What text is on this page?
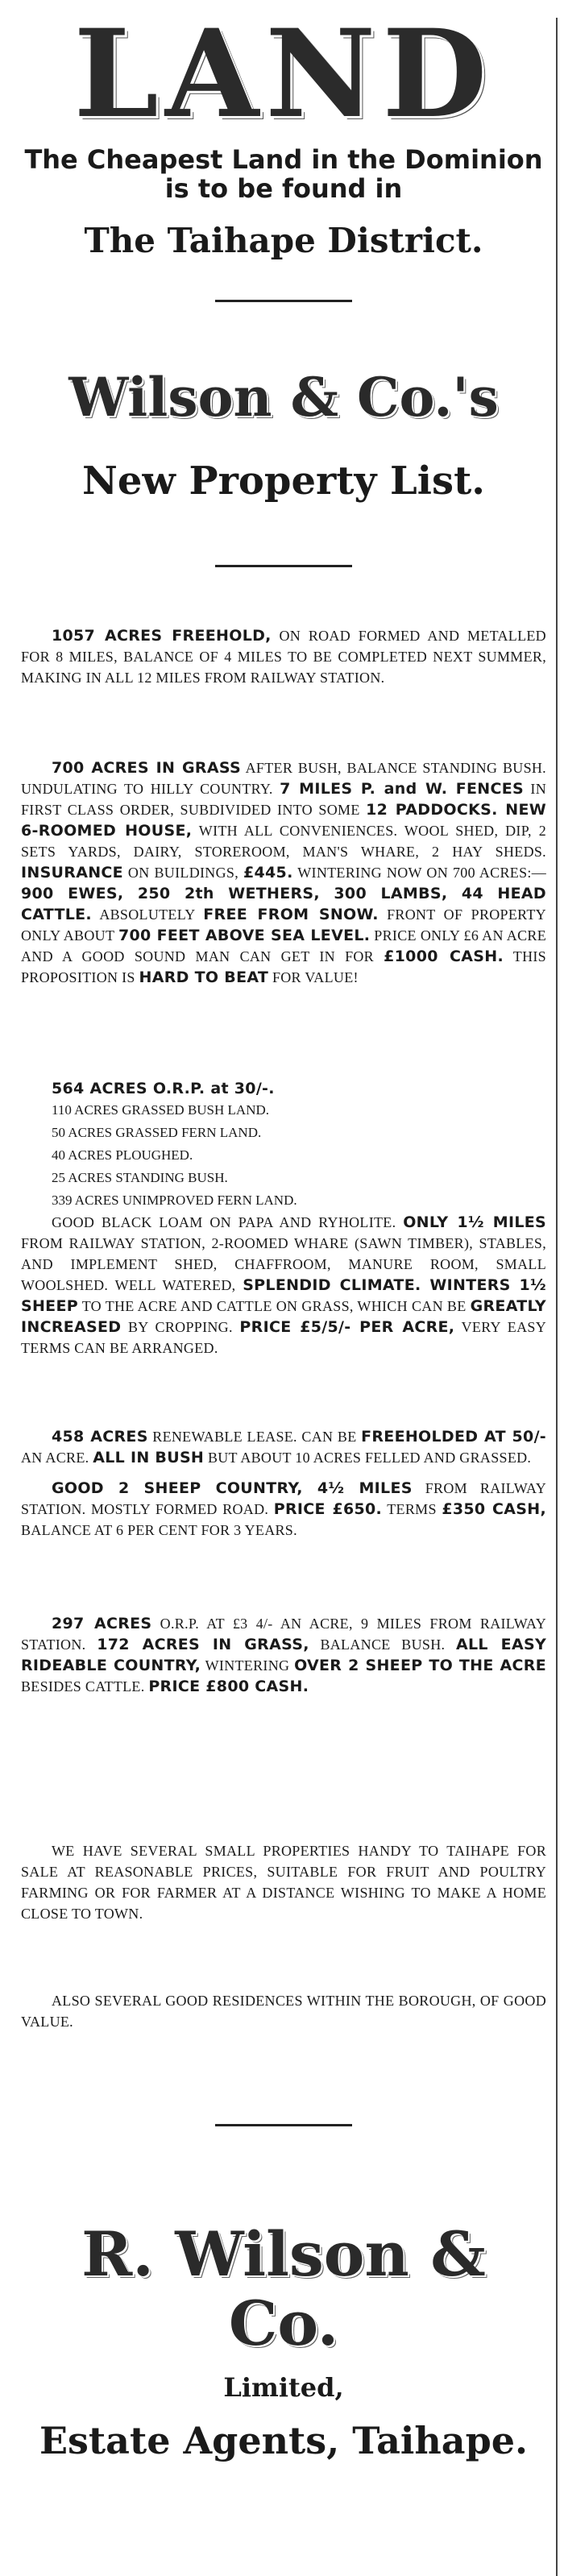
LAND
The Cheapest Land in the Dominion
is to be found in
The Taihape District.
Wilson & Co.'s
New Property List.
1057 ACRES FREEHOLD, ON ROAD FORMED AND METALLED FOR 8 MILES, BALANCE OF 4 MILES TO BE COMPLETED NEXT SUMMER, MAKING IN ALL 12 MILES FROM RAILWAY STATION.
700 ACRES IN GRASS AFTER BUSH, BALANCE STANDING BUSH. UNDULATING TO HILLY COUNTRY. 7 MILES P. and W. FENCES IN FIRST CLASS ORDER, SUBDIVIDED INTO SOME 12 PADDOCKS. NEW 6-ROOMED HOUSE, WITH ALL CONVENIENCES. WOOL SHED, DIP, 2 SETS YARDS, DAIRY, STOREROOM, MAN'S WHARE, 2 HAY SHEDS. INSURANCE ON BUILDINGS, £445. WINTERING NOW ON 700 ACRES:—900 EWES, 250 2th WETHERS, 300 LAMBS, 44 HEAD CATTLE. ABSOLUTELY FREE FROM SNOW. FRONT OF PROPERTY ONLY ABOUT 700 FEET ABOVE SEA LEVEL. PRICE ONLY £6 AN ACRE AND A GOOD SOUND MAN CAN GET IN FOR £1000 CASH. THIS PROPOSITION IS HARD TO BEAT FOR VALUE!
564 ACRES O.R.P. at 30/-.
110 ACRES GRASSED BUSH LAND.
50 ACRES GRASSED FERN LAND.
40 ACRES PLOUGHED.
25 ACRES STANDING BUSH.
339 ACRES UNIMPROVED FERN LAND.
GOOD BLACK LOAM ON PAPA AND RYHOLITE. ONLY 1½ MILES FROM RAILWAY STATION, 2-ROOMED WHARE (SAWN TIMBER), STABLES, AND IMPLEMENT SHED, CHAFFROOM, MANURE ROOM, SMALL WOOLSHED. WELL WATERED, SPLENDID CLIMATE. WINTERS 1½ SHEEP TO THE ACRE AND CATTLE ON GRASS, WHICH CAN BE GREATLY INCREASED BY CROPPING. PRICE £5/5/- PER ACRE, VERY EASY TERMS CAN BE ARRANGED.
458 ACRES RENEWABLE LEASE. CAN BE FREEHOLDED AT 50/- AN ACRE. ALL IN BUSH BUT ABOUT 10 ACRES FELLED AND GRASSED.
GOOD 2 SHEEP COUNTRY, 4½ MILES FROM RAILWAY STATION. MOSTLY FORMED ROAD. PRICE £650. TERMS £350 CASH, BALANCE AT 6 PER CENT FOR 3 YEARS.
297 ACRES O.R.P. AT £3 4/- AN ACRE, 9 MILES FROM RAILWAY STATION. 172 ACRES IN GRASS, BALANCE BUSH. ALL EASY RIDEABLE COUNTRY, WINTERING OVER 2 SHEEP TO THE ACRE BESIDES CATTLE. PRICE £800 CASH.
WE HAVE SEVERAL SMALL PROPERTIES HANDY TO TAIHAPE FOR SALE AT REASONABLE PRICES, SUITABLE FOR FRUIT AND POULTRY FARMING OR FOR FARMER AT A DISTANCE WISHING TO MAKE A HOME CLOSE TO TOWN.
ALSO SEVERAL GOOD RESIDENCES WITHIN THE BOROUGH, OF GOOD VALUE.
R. Wilson & Co.
Limited,
Estate Agents, Taihape.
